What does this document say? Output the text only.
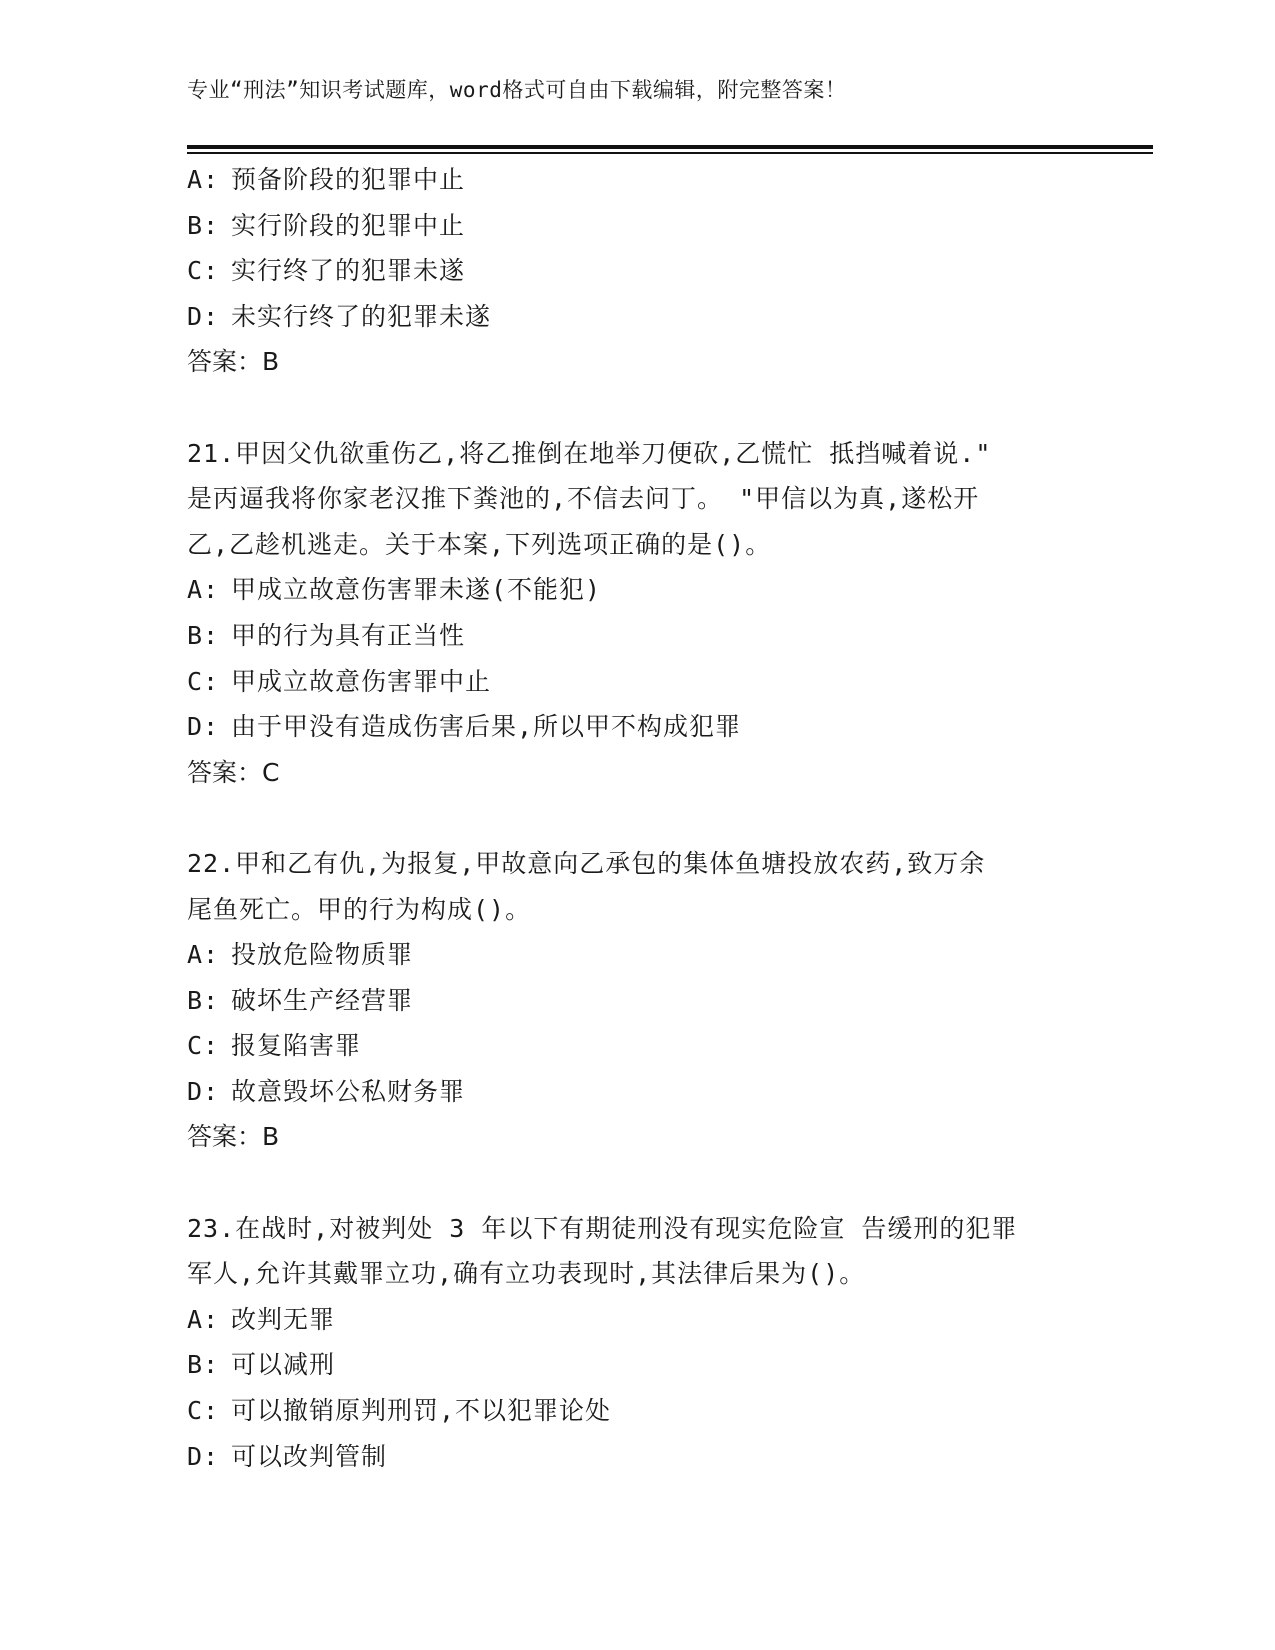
专业“刑法”知识考试题库，word格式可自由下载编辑，附完整答案！
A: 预备阶段的犯罪中止
B: 实行阶段的犯罪中止
C: 实行终了的犯罪未遂
D: 未实行终了的犯罪未遂
答案：B
21.甲因父仇欲重伤乙,将乙推倒在地举刀便砍,乙慌忙 抵挡喊着说."
是丙逼我将你家老汉推下粪池的,不信去问丁。 "甲信以为真,遂松开
乙,乙趁机逃走。关于本案,下列选项正确的是()。
A: 甲成立故意伤害罪未遂(不能犯)
B: 甲的行为具有正当性
C: 甲成立故意伤害罪中止
D: 由于甲没有造成伤害后果,所以甲不构成犯罪
答案：C
22.甲和乙有仇,为报复,甲故意向乙承包的集体鱼塘投放农药,致万余
尾鱼死亡。甲的行为构成()。
A: 投放危险物质罪
B: 破坏生产经营罪
C: 报复陷害罪
D: 故意毁坏公私财务罪
答案：B
23.在战时,对被判处 3 年以下有期徒刑没有现实危险宣 告缓刑的犯罪
军人,允许其戴罪立功,确有立功表现时,其法律后果为()。
A: 改判无罪
B: 可以减刑
C: 可以撤销原判刑罚,不以犯罪论处
D: 可以改判管制
